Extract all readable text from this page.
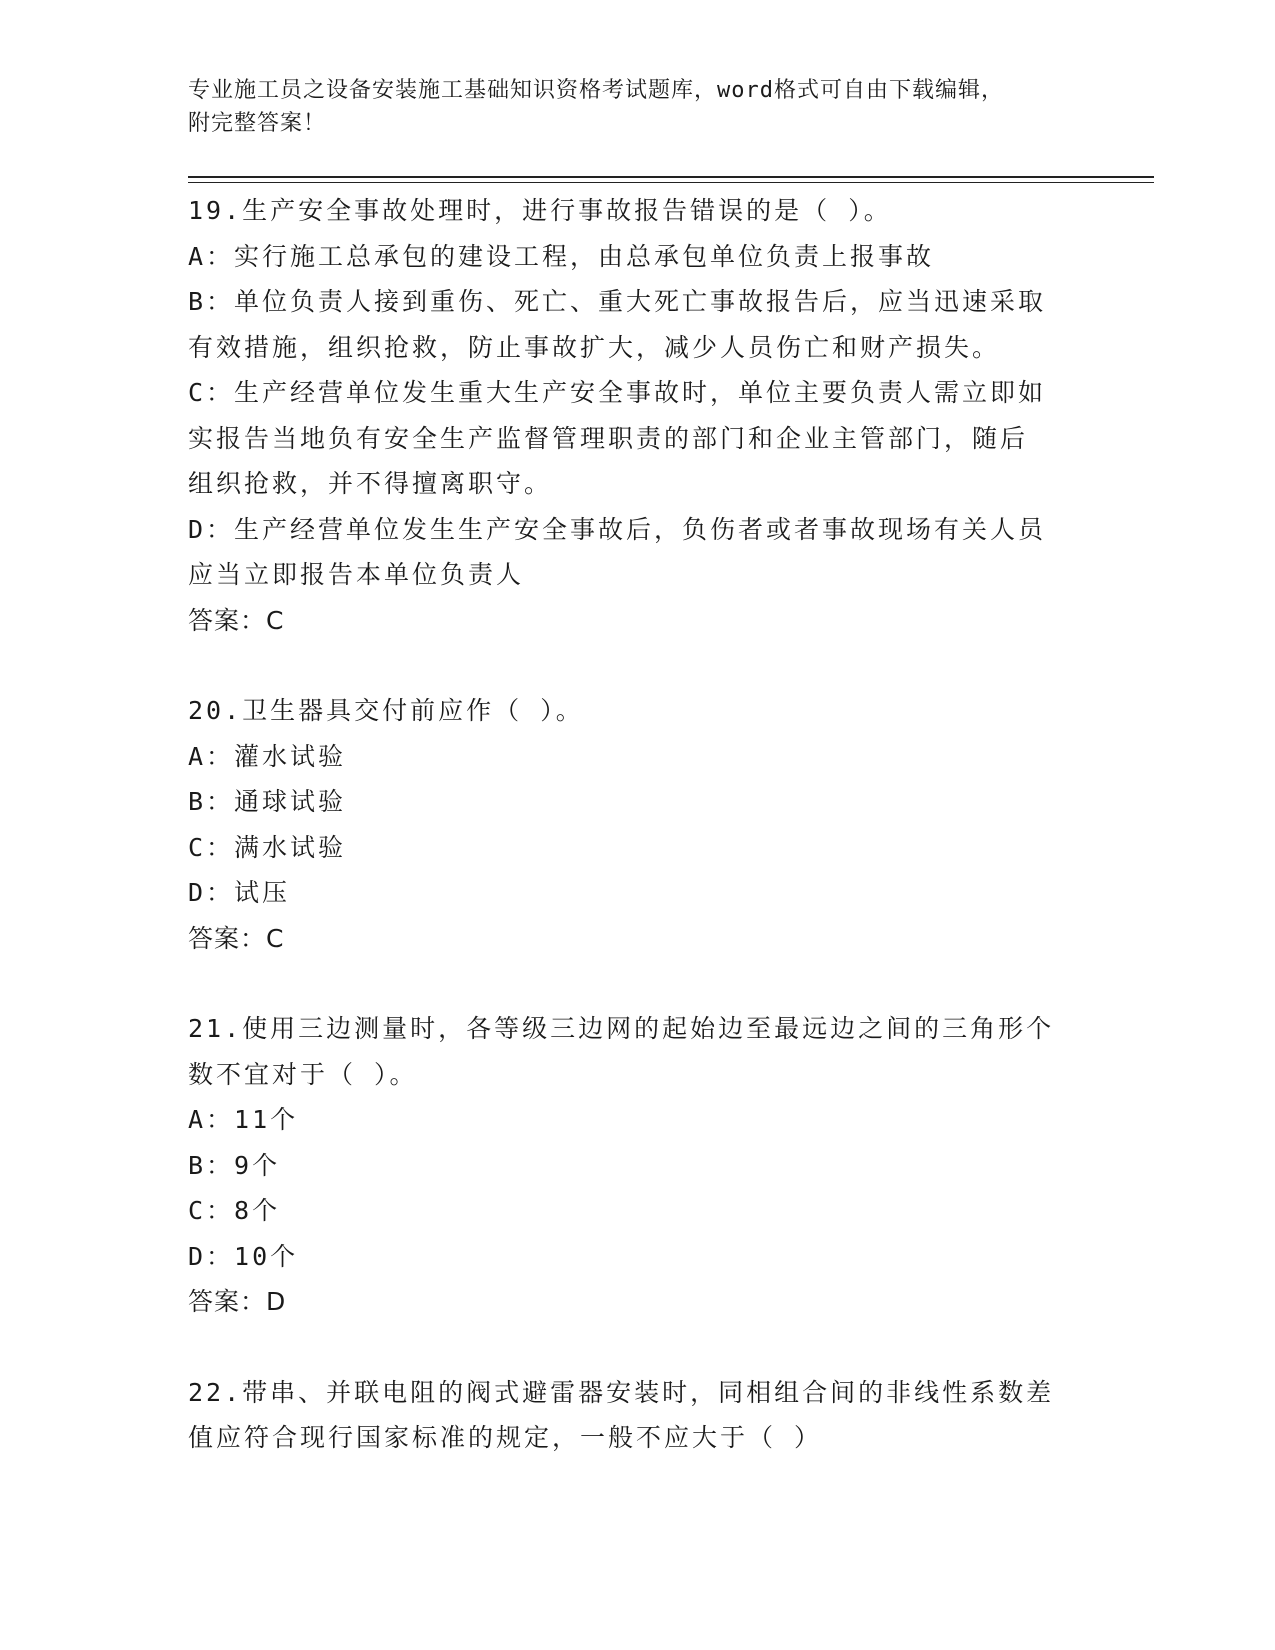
专业施工员之设备安装施工基础知识资格考试题库，word格式可自由下载编辑，

附完整答案！

19.生产安全事故处理时，进行事故报告错误的是（ ）。

A：实行施工总承包的建设工程，由总承包单位负责上报事故

B：单位负责人接到重伤、死亡、重大死亡事故报告后，应当迅速采取

有效措施，组织抢救，防止事故扩大，减少人员伤亡和财产损失。

C：生产经营单位发生重大生产安全事故时，单位主要负责人需立即如

实报告当地负有安全生产监督管理职责的部门和企业主管部门，随后

组织抢救，并不得擅离职守。

D：生产经营单位发生生产安全事故后，负伤者或者事故现场有关人员

应当立即报告本单位负责人

答案：C

20.卫生器具交付前应作（ ）。

A：灌水试验

B：通球试验

C：满水试验

D：试压

答案：C

21.使用三边测量时，各等级三边网的起始边至最远边之间的三角形个

数不宜对于（ ）。

A：11个

B：9个

C：8个

D：10个

答案：D

22.带串、并联电阻的阀式避雷器安装时，同相组合间的非线性系数差

值应符合现行国家标准的规定，一般不应大于（ ）
